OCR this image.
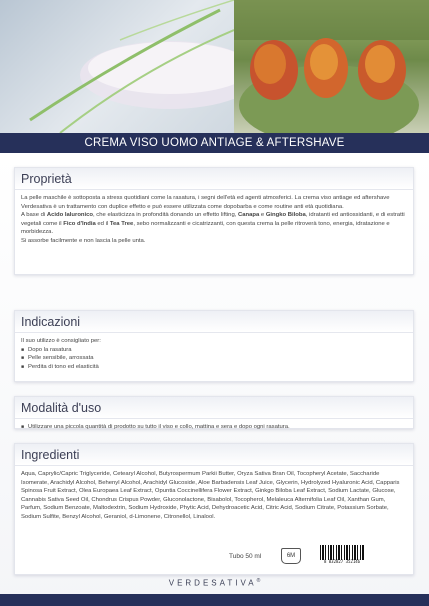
CREMA VISO UOMO ANTIAGE & AFTERSHAVE
Proprietà

La pelle maschile è sottoposta a stress quotidiani come la rasatura, i segni dell'età ed agenti atmosferici. La crema viso antiage ed aftershave Verdesativa è un trattamento con duplice effetto e può essere utilizzata come dopobarba e come routine anti età quotidiana.

A base di Acido Ialuronico, che elasticizza in profondità donando un effetto lifting, Canapa e Gingko Biloba, idratanti ed antiossidanti, e di estratti vegetali come il Fico d'India ed il Tea Tree, sebo normalizzanti e cicatrizzanti, con questa crema la pelle ritroverà tono, energia, idratazione e morbidezza.

Si assorbe facilmente e non lascia la pelle unta.

Indicazioni

Il suo utilizzo è consigliato per:

■ Dopo la rasatura
■ Pelle sensibile, arrossata
■ Perdita di tono ed elasticità
Modalità d'uso
■ Utilizzare una piccola quantità di prodotto su tutto il viso e collo, mattina e sera e dopo ogni rasatura.
Ingredienti

Aqua, Caprylic/Capric Triglyceride, Cetearyl Alcohol, Butyrospermum Parkii Butter, Oryza Sativa Bran Oil, Tocopheryl Acetate, Saccharide Isomerate, Arachidyl Alcohol, Behenyl Alcohol, Arachidyl Glucoside, Aloe Barbadensis Leaf Juice, Glycerin, Hydrolyzed Hyaluronic Acid, Capparis Spinosa Fruit Extract, Olea Europaea Leaf Extract, Opuntia Coccinellifera Flower Extract, Ginkgo Biloba Leaf Extract, Sodium Lactate, Glucose, Cannabis Sativa Seed Oil, Chondrus Crispus Powder, Gluconolactone, Bisabolol, Tocopherol, Melaleuca Alternifolia Leaf Oil, Xanthan Gum, Parfum, Sodium Benzoate, Maltodextrin, Sodium Hydroxide, Phytic Acid, Dehydroacetic Acid, Citric Acid, Sodium Citrate, Potassium Sorbate, Sodium Sulfite, Benzyl Alcohol, Geraniol, d-Limonene, Citronellol, Linalool.

Tubo 50 ml	6M
8 032827 352146
VERDESATIVA®
